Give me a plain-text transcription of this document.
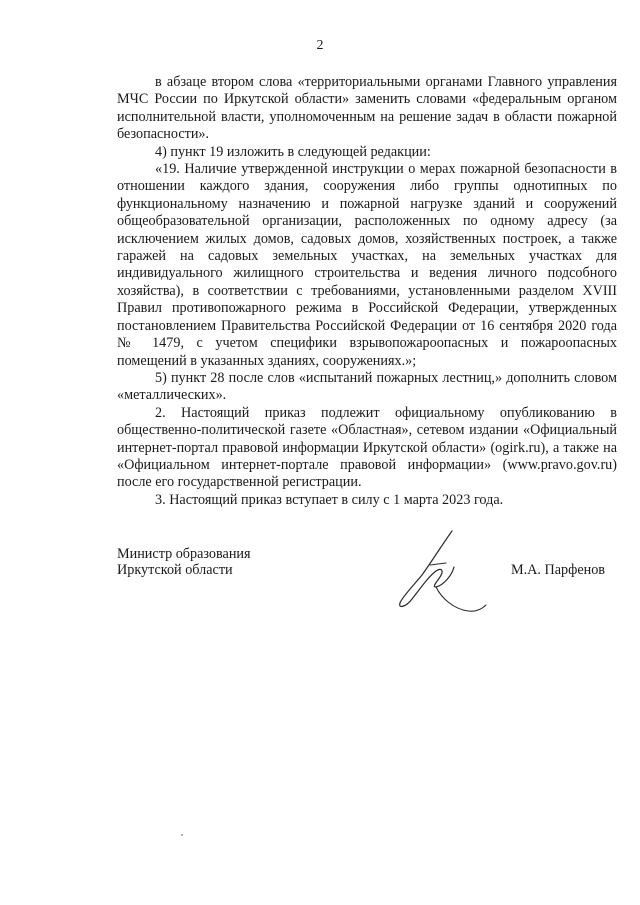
2

в абзаце втором слова «территориальными органами Главного управления МЧС России по Иркутской области» заменить словами «федеральным органом исполнительной власти, уполномоченным на решение задач в области пожарной безопасности».

4) пункт 19 изложить в следующей редакции:

«19. Наличие утвержденной инструкции о мерах пожарной безопасности в отношении каждого здания, сооружения либо группы однотипных по функциональному назначению и пожарной нагрузке зданий и сооружений общеобразовательной организации, расположенных по одному адресу (за исключением жилых домов, садовых домов, хозяйственных построек, а также гаражей на садовых земельных участках, на земельных участках для индивидуального жилищного строительства и ведения личного подсобного хозяйства), в соответствии с требованиями, установленными разделом XVIII Правил противопожарного режима в Российской Федерации, утвержденных постановлением Правительства Российской Федерации от 16 сентября 2020 года № 1479, с учетом специфики взрывопожароопасных и пожароопасных помещений в указанных зданиях, сооружениях.»;

5) пункт 28 после слов «испытаний пожарных лестниц,» дополнить словом «металлических».

2. Настоящий приказ подлежит официальному опубликованию в общественно-политической газете «Областная», сетевом издании «Официальный интернет-портал правовой информации Иркутской области» (ogirk.ru), а также на «Официальном интернет-портале правовой информации» (www.pravo.gov.ru) после его государственной регистрации.

3. Настоящий приказ вступает в силу с 1 марта 2023 года.

Министр образования
Иркутской области	М.А. Парфенов
